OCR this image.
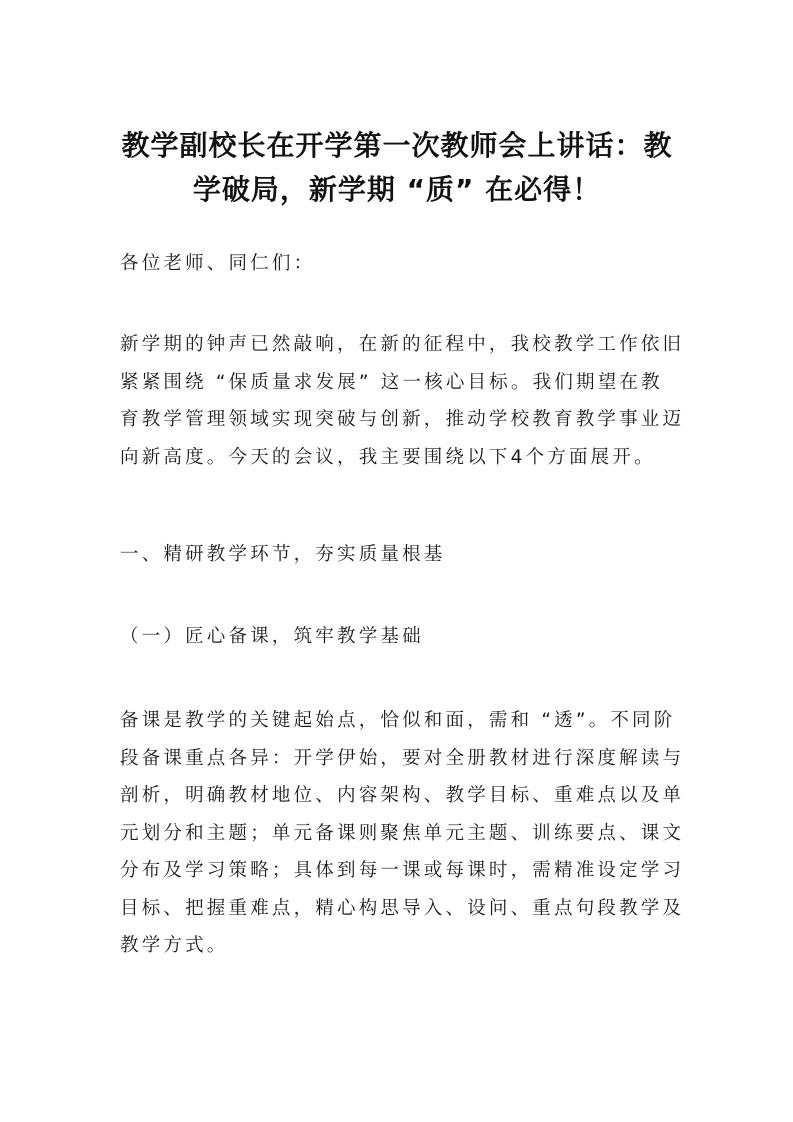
教学副校长在开学第一次教师会上讲话：教
学破局，新学期 “质” 在必得！
各位老师、同仁们：
新学期的钟声已然敲响，在新的征程中，我校教学工作依旧
紧紧围绕 “保质量求发展” 这一核心目标。我们期望在教
育教学管理领域实现突破与创新，推动学校教育教学事业迈
向新高度。今天的会议，我主要围绕以下4个方面展开。
一、精研教学环节，夯实质量根基
（一）匠心备课，筑牢教学基础
备课是教学的关键起始点，恰似和面，需和 “透”。不同阶
段备课重点各异：开学伊始，要对全册教材进行深度解读与
剖析，明确教材地位、内容架构、教学目标、重难点以及单
元划分和主题；单元备课则聚焦单元主题、训练要点、课文
分布及学习策略；具体到每一课或每课时，需精准设定学习
目标、把握重难点，精心构思导入、设问、重点句段教学及
教学方式。
